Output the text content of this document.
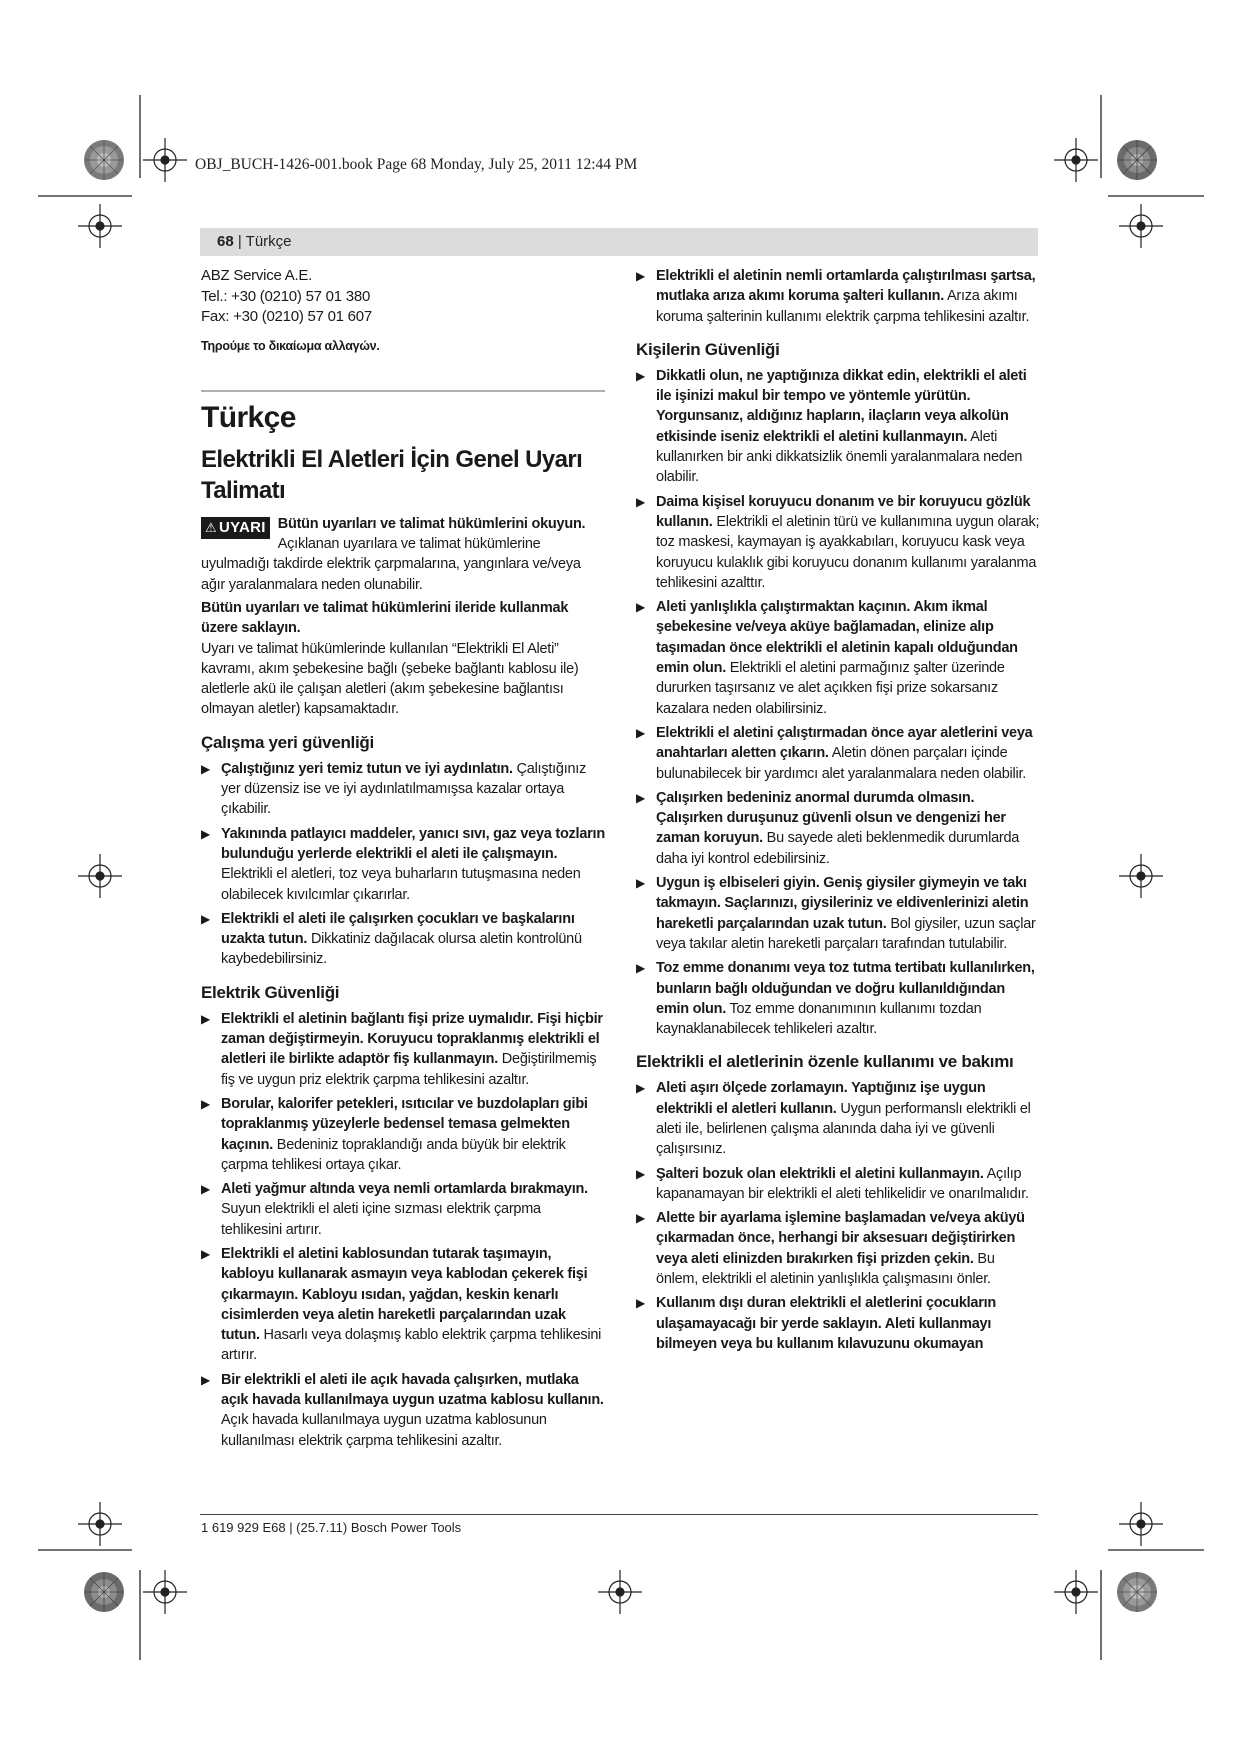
OBJ_BUCH-1426-001.book Page 68 Monday, July 25, 2011 12:44 PM
68 | Türkçe
ABZ Service A.E.
Tel.: +30 (0210) 57 01 380
Fax: +30 (0210) 57 01 607
Τηρούμε το δικαίωμα αλλαγών.
Türkçe
Elektrikli El Aletleri İçin Genel Uyarı Talimatı
⚠ UYARI Bütün uyarıları ve talimat hükümlerini okuyun. Açıklanan uyarılara ve talimat hükümlerine uyulmadığı takdirde elektrik çarpmalarına, yangınlara ve/veya ağır yaralanmalara neden olunabilir.

Bütün uyarıları ve talimat hükümlerini ileride kullanmak üzere saklayın.

Uyarı ve talimat hükümlerinde kullanılan “Elektrikli El Aleti” kavramı, akım şebekesine bağlı (şebeke bağlantı kablosu ile) aletlerle akü ile çalışan aletleri (akım şebekesine bağlantısı olmayan aletler) kapsamaktadır.

Çalışma yeri güvenliği
▶ Çalıştığınız yeri temiz tutun ve iyi aydınlatın. Çalıştığınız yer düzensiz ise ve iyi aydınlatılmamışsa kazalar ortaya çıkabilir.
▶ Yakınında patlayıcı maddeler, yanıcı sıvı, gaz veya tozların bulunduğu yerlerde elektrikli el aleti ile çalışmayın. Elektrikli el aletleri, toz veya buharların tutuşmasına neden olabilecek kıvılcımlar çıkarırlar.
▶ Elektrikli el aleti ile çalışırken çocukları ve başkalarını uzakta tutun. Dikkatiniz dağılacak olursa aletin kontrolünü kaybedebilirsiniz.
Elektrik Güvenliği
▶ Elektrikli el aletinin bağlantı fişi prize uymalıdır. Fişi hiçbir zaman değiştirmeyin. Koruyucu topraklanmış elektrikli el aletleri ile birlikte adaptör fiş kullanmayın. Değiştirilmemiş fiş ve uygun priz elektrik çarpma tehlikesini azaltır.
▶ Borular, kalorifer petekleri, ısıtıcılar ve buzdolapları gibi topraklanmış yüzeylerle bedensel temasa gelmekten kaçının. Bedeniniz topraklandığı anda büyük bir elektrik çarpma tehlikesi ortaya çıkar.
▶ Aleti yağmur altında veya nemli ortamlarda bırakmayın. Suyun elektrikli el aleti içine sızması elektrik çarpma tehlikesini artırır.
▶ Elektrikli el aletini kablosundan tutarak taşımayın, kabloyu kullanarak asmayın veya kablodan çekerek fişi çıkarmayın. Kabloyu ısıdan, yağdan, keskin kenarlı cisimlerden veya aletin hareketli parçalarından uzak tutun. Hasarlı veya dolaşmış kablo elektrik çarpma tehlikesini artırır.
▶ Bir elektrikli el aleti ile açık havada çalışırken, mutlaka açık havada kullanılmaya uygun uzatma kablosu kullanın. Açık havada kullanılmaya uygun uzatma kablosunun kullanılması elektrik çarpma tehlikesini azaltır.
▶ Elektrikli el aletinin nemli ortamlarda çalıştırılması şartsa, mutlaka arıza akımı koruma şalteri kullanın. Arıza akımı koruma şalterinin kullanımı elektrik çarpma tehlikesini azaltır.
Kişilerin Güvenliği
▶ Dikkatli olun, ne yaptığınıza dikkat edin, elektrikli el aleti ile işinizi makul bir tempo ve yöntemle yürütün. Yorgunsanız, aldığınız hapların, ilaçların veya alkolün etkisinde iseniz elektrikli el aletini kullanmayın. Aleti kullanırken bir anki dikkatsizlik önemli yaralanmalara neden olabilir.
▶ Daima kişisel koruyucu donanım ve bir koruyucu gözlük kullanın. Elektrikli el aletinin türü ve kullanımına uygun olarak; toz maskesi, kaymayan iş ayakkabıları, koruyucu kask veya koruyucu kulaklık gibi koruyucu donanım kullanımı yaralanma tehlikesini azalttır.
▶ Aleti yanlışlıkla çalıştırmaktan kaçının. Akım ikmal şebekesine ve/veya aküye bağlamadan, elinize alıp taşımadan önce elektrikli el aletinin kapalı olduğundan emin olun. Elektrikli el aletini parmağınız şalter üzerinde dururken taşırsanız ve alet açıkken fişi prize sokarsanız kazalara neden olabilirsiniz.
▶ Elektrikli el aletini çalıştırmadan önce ayar aletlerini veya anahtarları aletten çıkarın. Aletin dönen parçaları içinde bulunabilecek bir yardımcı alet yaralanmalara neden olabilir.
▶ Çalışırken bedeniniz anormal durumda olmasın. Çalışırken duruşunuz güvenli olsun ve dengenizi her zaman koruyun. Bu sayede aleti beklenmedik durumlarda daha iyi kontrol edebilirsiniz.
▶ Uygun iş elbiseleri giyin. Geniş giysiler giymeyin ve takı takmayın. Saçlarınızı, giysileriniz ve eldivenlerinizi aletin hareketli parçalarından uzak tutun. Bol giysiler, uzun saçlar veya takılar aletin hareketli parçaları tarafından tutulabilir.
▶ Toz emme donanımı veya toz tutma tertibatı kullanılırken, bunların bağlı olduğundan ve doğru kullanıldığından emin olun. Toz emme donanımının kullanımı tozdan kaynaklanabilecek tehlikeleri azaltır.
Elektrikli el aletlerinin özenle kullanımı ve bakımı
▶ Aleti aşırı ölçede zorlamayın. Yaptığınız işe uygun elektrikli el aletleri kullanın. Uygun performanslı elektrikli el aleti ile, belirlenen çalışma alanında daha iyi ve güvenli çalışırsınız.
▶ Şalteri bozuk olan elektrikli el aletini kullanmayın. Açılıp kapanamayan bir elektrikli el aleti tehlikelidir ve onarılmalıdır.
▶ Alette bir ayarlama işlemine başlamadan ve/veya aküyü çıkarmadan önce, herhangi bir aksesuarı değiştirirken veya aleti elinizden bırakırken fişi prizden çekin. Bu önlem, elektrikli el aletinin yanlışlıkla çalışmasını önler.
▶ Kullanım dışı duran elektrikli el aletlerini çocukların ulaşamayacağı bir yerde saklayın. Aleti kullanmayı bilmeyen veya bu kullanım kılavuzunu okumayan
1 619 929 E68 | (25.7.11) Bosch Power Tools
